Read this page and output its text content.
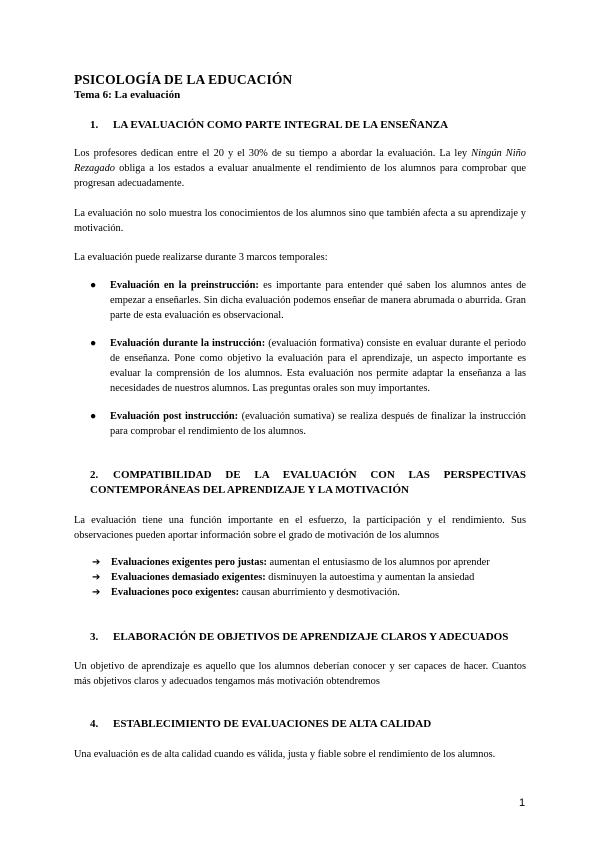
PSICOLOGÍA DE LA EDUCACIÓN
Tema 6: La evaluación
1. LA EVALUACIÓN COMO PARTE INTEGRAL DE LA ENSEÑANZA
Los profesores dedican entre el 20 y el 30% de su tiempo a abordar la evaluación. La ley Ningún Niño Rezagado obliga a los estados a evaluar anualmente el rendimiento de los alumnos para comprobar que progresan adecuadamente.
La evaluación no solo muestra los conocimientos de los alumnos sino que también afecta a su aprendizaje y motivación.
La evaluación puede realizarse durante 3 marcos temporales:
●	Evaluación en la preinstrucción: es importante para entender qué saben los alumnos antes de empezar a enseñarles. Sin dicha evaluación podemos enseñar de manera abrumada o aburrida. Gran parte de esta evaluación es observacional.
●	Evaluación durante la instrucción: (evaluación formativa) consiste en evaluar durante el periodo de enseñanza. Pone como objetivo la evaluación para el aprendizaje, un aspecto importante es evaluar la comprensión de los alumnos. Esta evaluación nos permite adaptar la enseñanza a las necesidades de nuestros alumnos. Las preguntas orales son muy importantes.
●	Evaluación post instrucción: (evaluación sumativa) se realiza después de finalizar la instrucción para comprobar el rendimiento de los alumnos.
2. COMPATIBILIDAD DE LA EVALUACIÓN CON LAS PERSPECTIVAS CONTEMPORÁNEAS DEL APRENDIZAJE Y LA MOTIVACIÓN
La evaluación tiene una función importante en el esfuerzo, la participación y el rendimiento. Sus observaciones pueden aportar información sobre el grado de motivación de los alumnos
➔ Evaluaciones exigentes pero justas: aumentan el entusiasmo de los alumnos por aprender
➔ Evaluaciones demasiado exigentes: disminuyen la autoestima y aumentan la ansiedad
➔ Evaluaciones poco exigentes: causan aburrimiento y desmotivación.
3. ELABORACIÓN DE OBJETIVOS DE APRENDIZAJE CLAROS Y ADECUADOS
Un objetivo de aprendizaje es aquello que los alumnos deberían conocer y ser capaces de hacer. Cuantos más objetivos claros y adecuados tengamos más motivación obtendremos
4. ESTABLECIMIENTO DE EVALUACIONES DE ALTA CALIDAD
Una evaluación es de alta calidad cuando es válida, justa y fiable sobre el rendimiento de los alumnos.
1
